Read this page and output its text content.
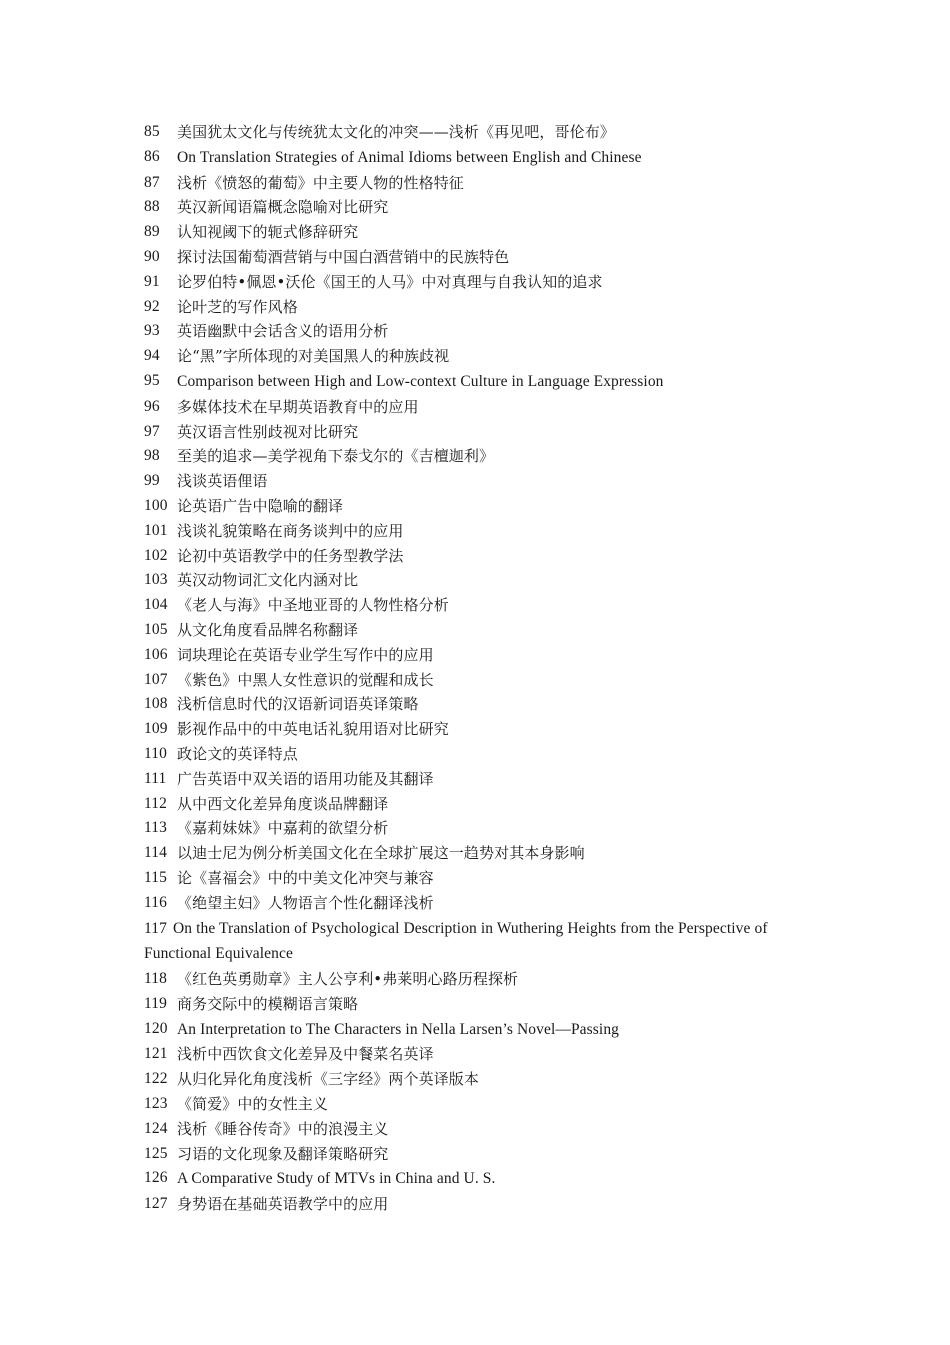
85	美国犹太文化与传统犹太文化的冲突——浅析《再见吧，哥伦布》
86	On Translation Strategies of Animal Idioms between English and Chinese
87	浅析《愤怒的葡萄》中主要人物的性格特征
88	英汉新闻语篇概念隐喻对比研究
89	认知视阈下的轭式修辞研究
90	探讨法国葡萄酒营销与中国白酒营销中的民族特色
91	论罗伯特•佩恩•沃伦《国王的人马》中对真理与自我认知的追求
92	论叶芝的写作风格
93	英语幽默中会话含义的语用分析
94	论“黑”字所体现的对美国黑人的种族歧视
95	Comparison between High and Low-context Culture in Language Expression
96	多媒体技术在早期英语教育中的应用
97	英汉语言性别歧视对比研究
98	至美的追求—美学视角下泰戈尔的《吉檀迦利》
99	浅谈英语俚语
100 论英语广告中隐喻的翻译
101 浅谈礼貌策略在商务谈判中的应用
102 论初中英语教学中的任务型教学法
103 英汉动物词汇文化内涵对比
104 《老人与海》中圣地亚哥的人物性格分析
105 从文化角度看品牌名称翻译
106 词块理论在英语专业学生写作中的应用
107 《紫色》中黑人女性意识的觉醒和成长
108 浅析信息时代的汉语新词语英译策略
109 影视作品中的中英电话礼貌用语对比研究
110 政论文的英译特点
111 广告英语中双关语的语用功能及其翻译
112 从中西文化差异角度谈品牌翻译
113 《嘉莉妹妹》中嘉莉的欲望分析
114 以迪士尼为例分析美国文化在全球扩展这一趋势对其本身影响
115 论《喜福会》中的中美文化冲突与兼容
116 《绝望主妇》人物语言个性化翻译浅析
117 On the Translation of Psychological Description in Wuthering Heights from the Perspective of Functional Equivalence
118 《红色英勇勋章》主人公亨利•弗莱明心路历程探析
119 商务交际中的模糊语言策略
120 An Interpretation to The Characters in Nella Larsen’s Novel—Passing
121 浅析中西饮食文化差异及中餐菜名英译
122 从归化异化角度浅析《三字经》两个英译版本
123 《简爱》中的女性主义
124 浅析《睡谷传奇》中的浪漫主义
125 习语的文化现象及翻译策略研究
126 A Comparative Study of MTVs in China and U. S.
127 身势语在基础英语教学中的应用
